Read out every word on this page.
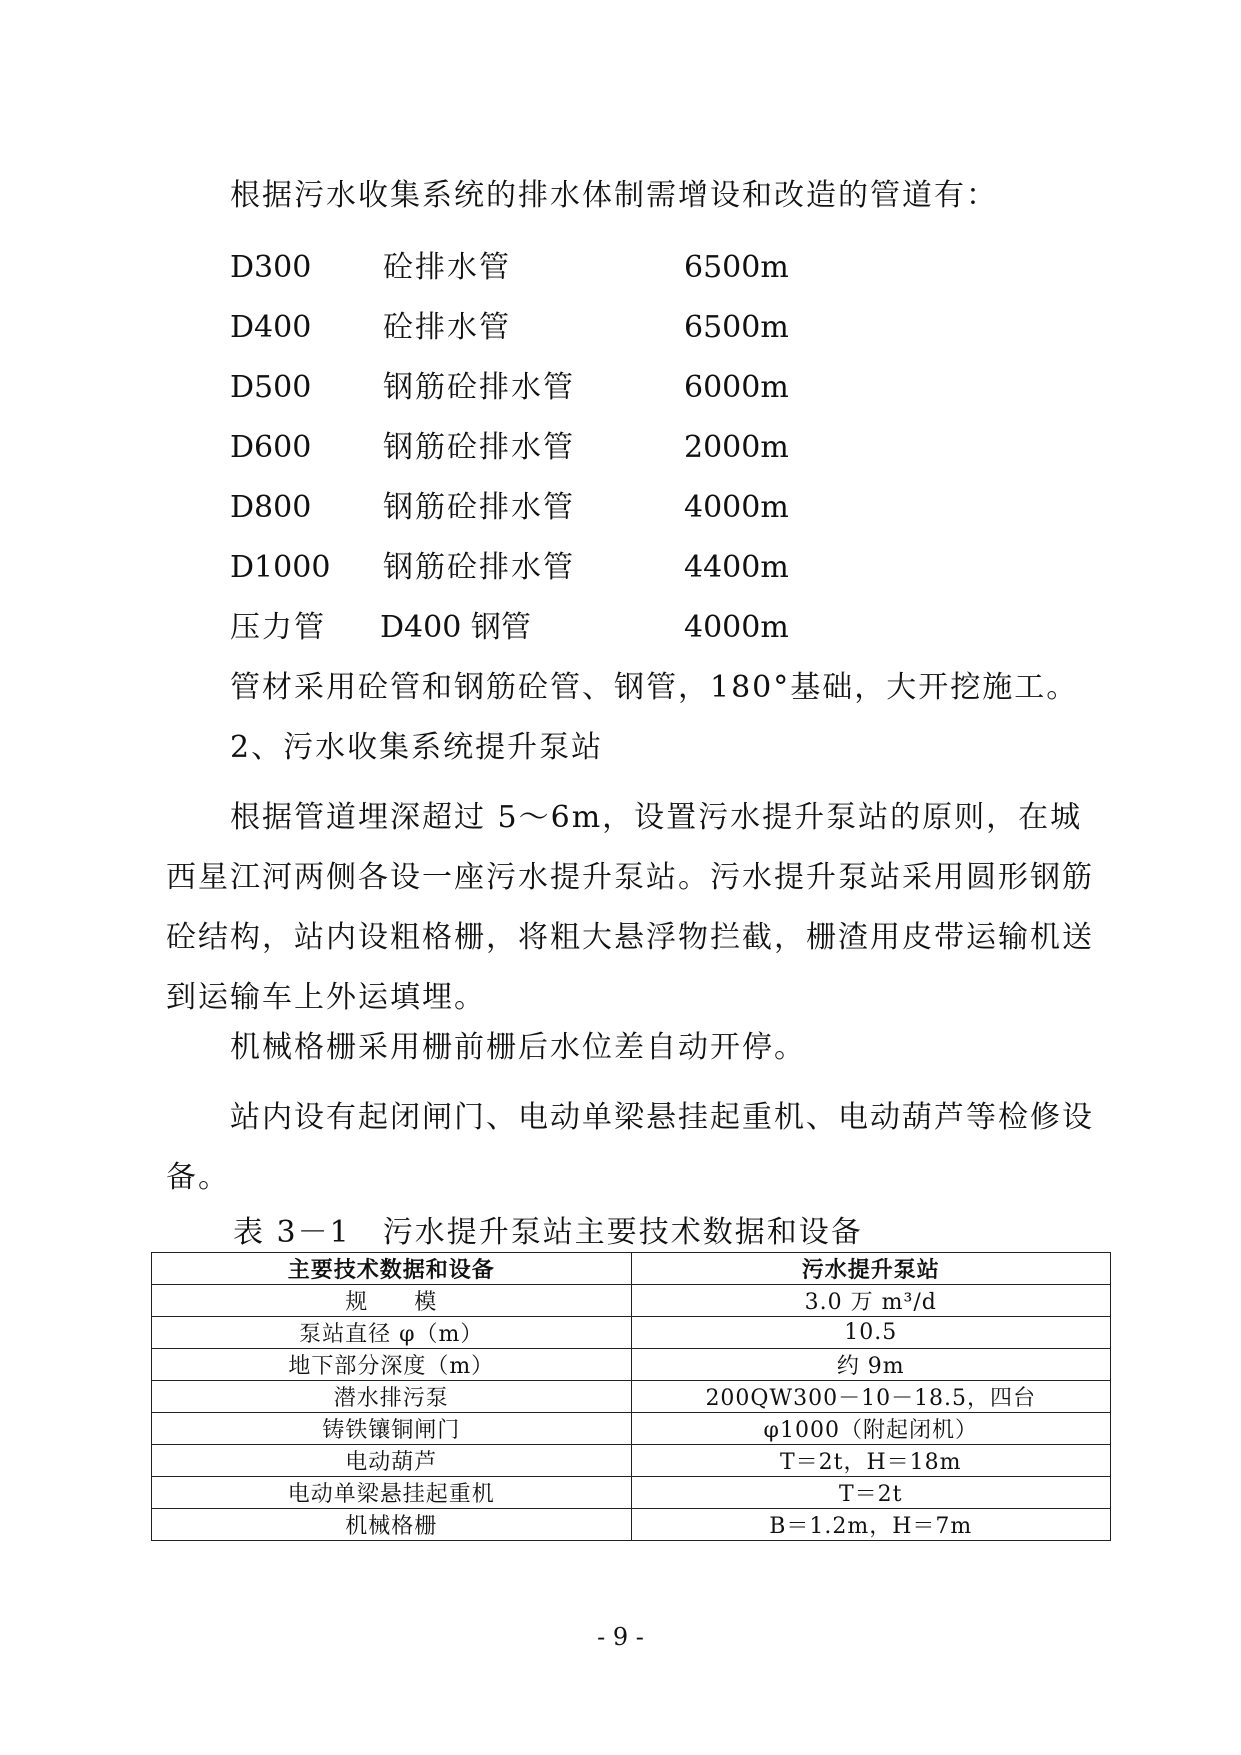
根据污水收集系统的排水体制需增设和改造的管道有：
D300 砼排水管	6500m
D400 砼排水管	6500m
D500 钢筋砼排水管	6000m
D600 钢筋砼排水管	2000m
D800 钢筋砼排水管	4000m
D1000 钢筋砼排水管	4400m
压力管 D400 钢管	4000m
管材采用砼管和钢筋砼管、钢管，180°基础，大开挖施工。
2、污水收集系统提升泵站
根据管道埋深超过 5～6m，设置污水提升泵站的原则，在城西星江河两侧各设一座污水提升泵站。污水提升泵站采用圆形钢筋砼结构，站内设粗格栅，将粗大悬浮物拦截，栅渣用皮带运输机送到运输车上外运填埋。
机械格栅采用栅前栅后水位差自动开停。
站内设有起闭闸门、电动单梁悬挂起重机、电动葫芦等检修设备。
表 3－1　污水提升泵站主要技术数据和设备
主要技术数据和设备	污水提升泵站
规　　模	3.0 万 m³/d
泵站直径 φ（m）	10.5
地下部分深度（m）	约 9m
潜水排污泵	200QW300－10－18.5，四台
铸铁镶铜闸门	φ1000（附起闭机）
电动葫芦	T＝2t，H＝18m
电动单梁悬挂起重机	T＝2t
机械格栅	B＝1.2m，H＝7m
- 9 -
